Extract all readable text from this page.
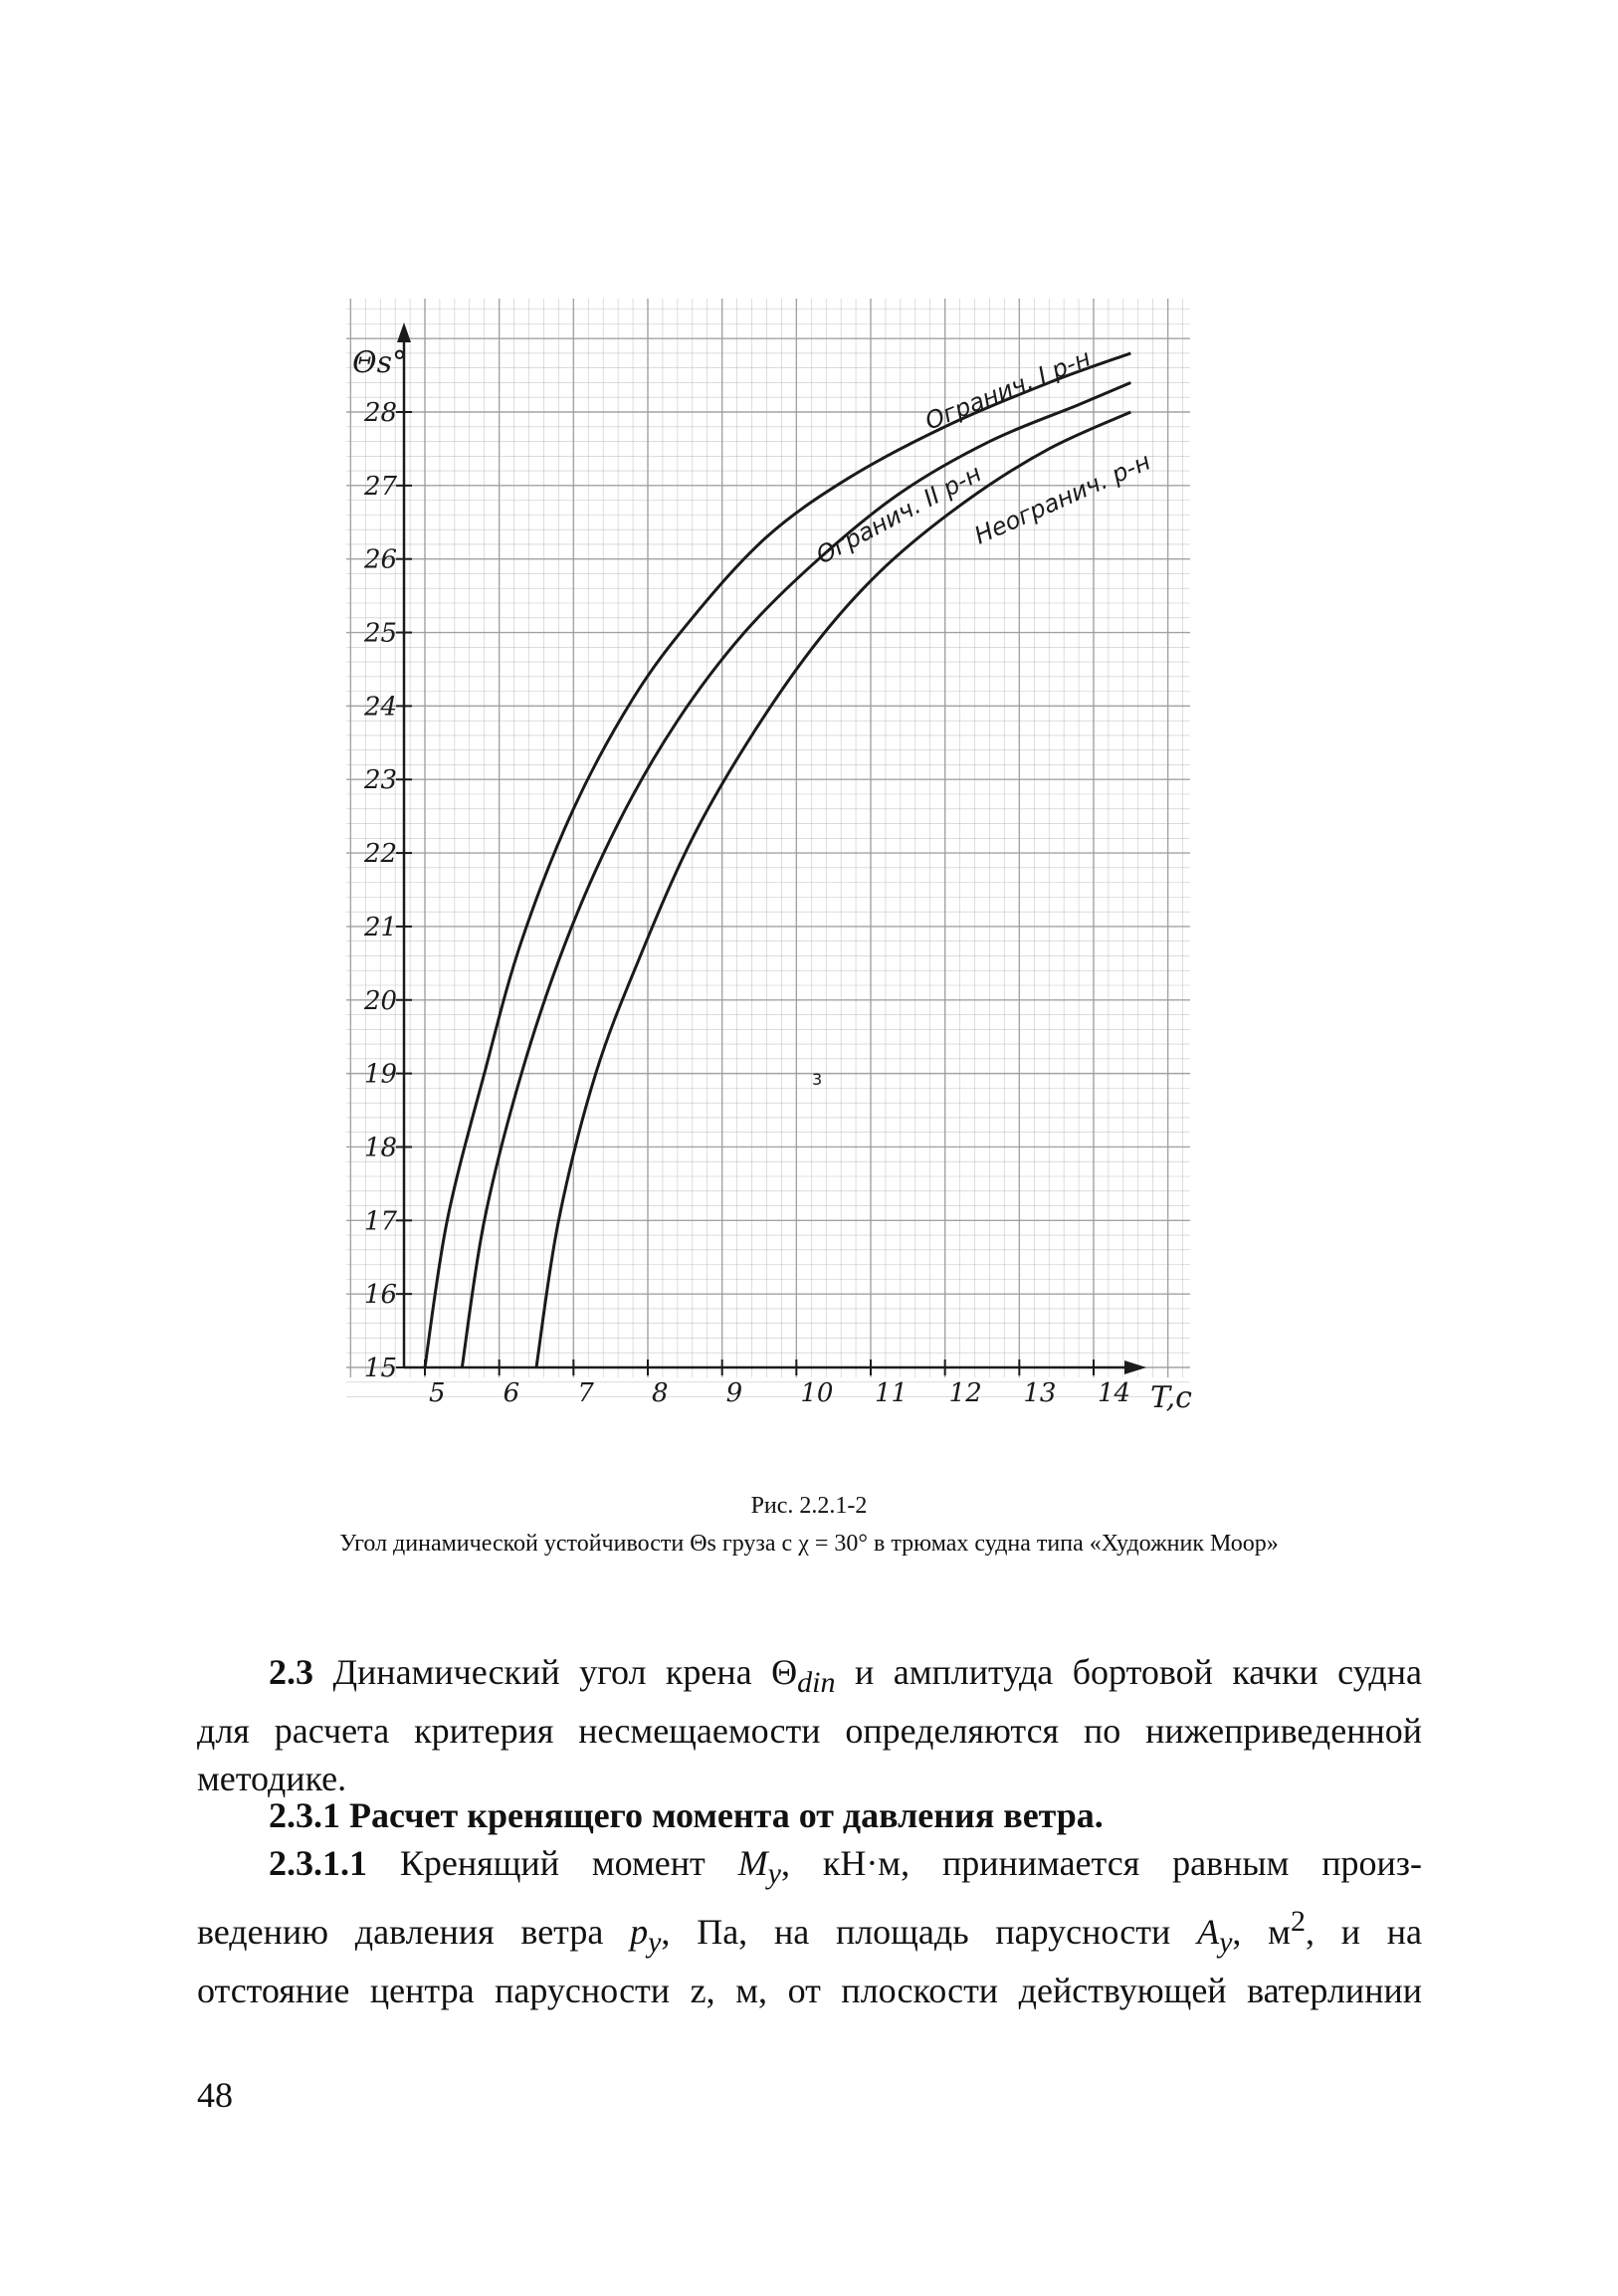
15
16
17
18
19
20
21
22
23
24
25
26
27
28
5 6 7 8 9 10 11 12 13 14
Θs°
T,c
3
Огранич. I р-н
Огранич. II р-н
Неогранич. р-н
Рис. 2.2.1-2
Угол динамической устойчивости Θs груза с χ = 30° в трюмах судна типа «Художник Моор»
2.3 Динамический угол крена $\Theta_{din}$ и амплитуда бортовой качки судна
для расчета критерия несмещаемости определяются по нижеприведенной
методике.
2.3.1 Расчет кренящего момента от давления ветра.
2.3.1.1 Кренящий момент $M_y$, кН·м, принимается равным произ-
ведению давления ветра $p_y$, Па, на площадь парусности $A_y$, $м^2$, и на
отстояние центра парусности z, м, от плоскости действующей ватерлинии
48
